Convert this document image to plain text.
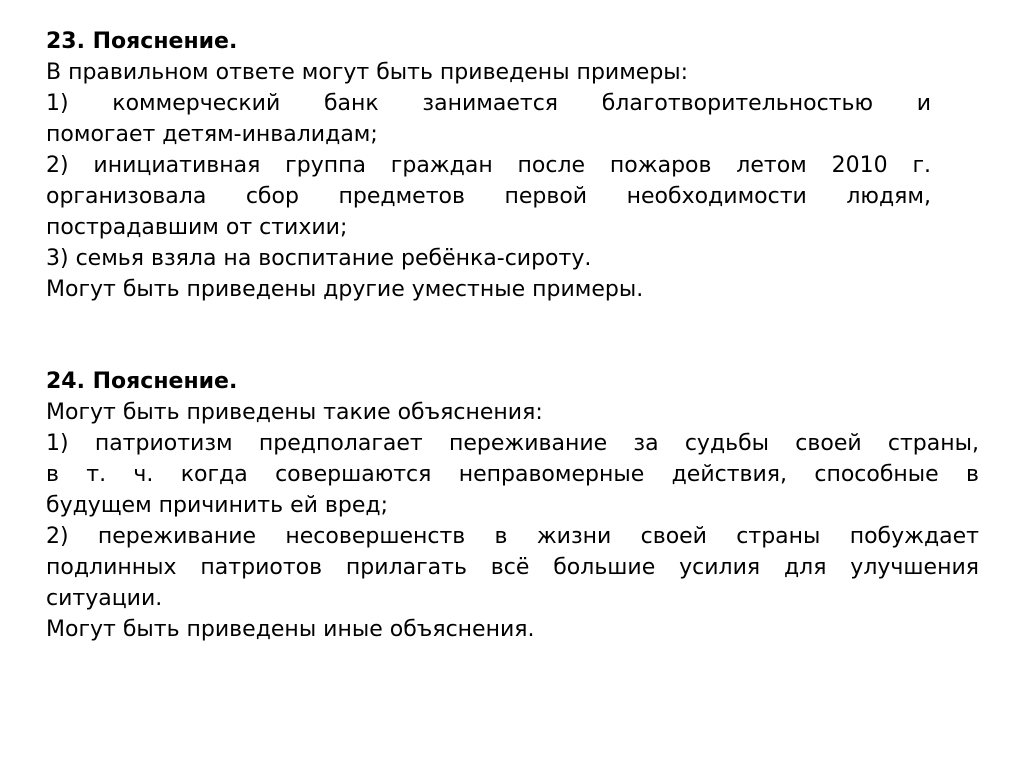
23. Пояснение.

В правильном ответе могут быть приведены примеры:

1) коммерческий банк занимается благотворительностью и

помогает детям-инвалидам;

2) инициативная группа граждан после пожаров летом 2010 г.

организовала сбор предметов первой необходимости людям,

пострадавшим от стихии;

3) семья взяла на воспитание ребёнка-сироту.

Могут быть приведены другие уместные примеры.

24. Пояснение.

Могут быть приведены такие объяснения:

1) патриотизм предполагает переживание за судьбы своей страны,

в т. ч. когда совершаются неправомерные действия, способные в

будущем причинить ей вред;

2) переживание несовершенств в жизни своей страны побуждает

подлинных патриотов прилагать всё большие усилия для улучшения

ситуации.

Могут быть приведены иные объяснения.
